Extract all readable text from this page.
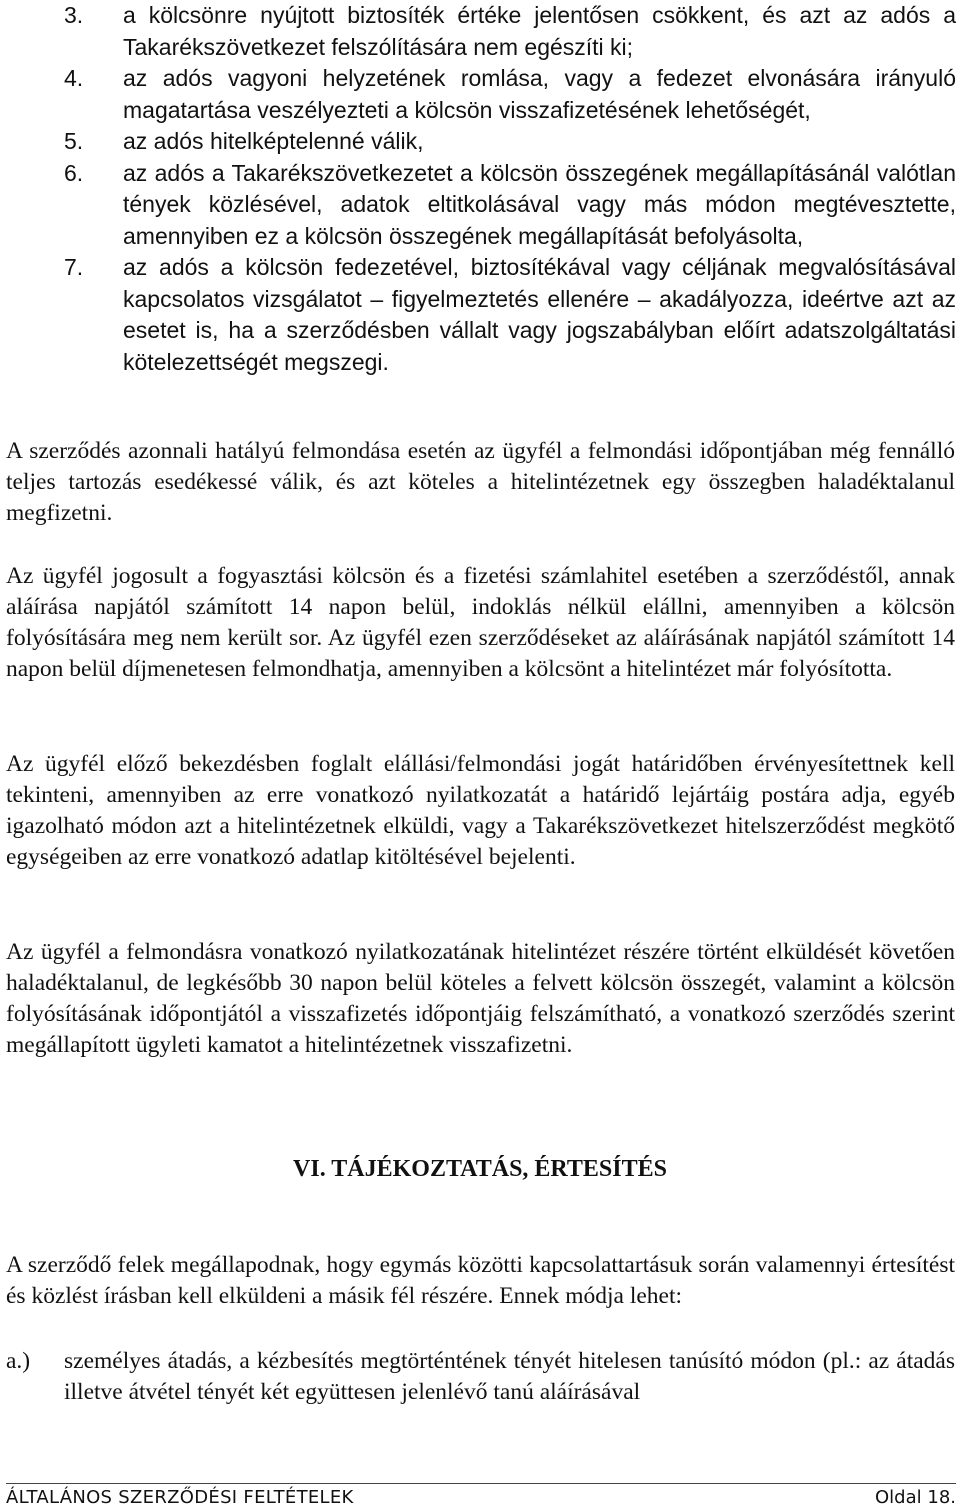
3. a kölcsönre nyújtott biztosíték értéke jelentősen csökkent, és azt az adós a Takarékszövetkezet felszólítására nem egészíti ki;
4. az adós vagyoni helyzetének romlása, vagy a fedezet elvonására irányuló magatartása veszélyezteti a kölcsön visszafizetésének lehetőségét,
5. az adós hitelképtelenné válik,
6. az adós a Takarékszövetkezetet a kölcsön összegének megállapításánál valótlan tények közlésével, adatok eltitkolásával vagy más módon megtévesztette, amennyiben ez a kölcsön összegének megállapítását befolyásolta,
7. az adós a kölcsön fedezetével, biztosítékával vagy céljának megvalósításával kapcsolatos vizsgálatot – figyelmeztetés ellenére – akadályozza, ideértve azt az esetet is, ha a szerződésben vállalt vagy jogszabályban előírt adatszolgáltatási kötelezettségét megszegi.

A szerződés azonnali hatályú felmondása esetén az ügyfél a felmondási időpontjában még fennálló teljes tartozás esedékessé válik, és azt köteles a hitelintézetnek egy összegben haladéktalanul megfizetni.

Az ügyfél jogosult a fogyasztási kölcsön és a fizetési számlahitel esetében a szerződéstől, annak aláírása napjától számított 14 napon belül, indoklás nélkül elállni, amennyiben a kölcsön folyósítására meg nem került sor. Az ügyfél ezen szerződéseket az aláírásának napjától számított 14 napon belül díjmenetesen felmondhatja, amennyiben a kölcsönt a hitelintézet már folyósította.

Az ügyfél előző bekezdésben foglalt elállási/felmondási jogát határidőben érvényesítettnek kell tekinteni, amennyiben az erre vonatkozó nyilatkozatát a határidő lejártáig postára adja, egyéb igazolható módon azt a hitelintézetnek elküldi, vagy a Takarékszövetkezet hitelszerződést megkötő egységeiben az erre vonatkozó adatlap kitöltésével bejelenti.

Az ügyfél a felmondásra vonatkozó nyilatkozatának hitelintézet részére történt elküldését követően haladéktalanul, de legkésőbb 30 napon belül köteles a felvett kölcsön összegét, valamint a kölcsön folyósításának időpontjától a visszafizetés időpontjáig felszámítható, a vonatkozó szerződés szerint megállapított ügyleti kamatot a hitelintézetnek visszafizetni.

VI. TÁJÉKOZTATÁS, ÉRTESÍTÉS

A szerződő felek megállapodnak, hogy egymás közötti kapcsolattartásuk során valamennyi értesítést és közlést írásban kell elküldeni a másik fél részére. Ennek módja lehet:

a.) személyes átadás, a kézbesítés megtörténtének tényét hitelesen tanúsító módon (pl.: az átadás illetve átvétel tényét két együttesen jelenlévő tanú aláírásával
ÁLTALÁNOS SZERZŐDÉSI FELTÉTELEK	Oldal 18.
